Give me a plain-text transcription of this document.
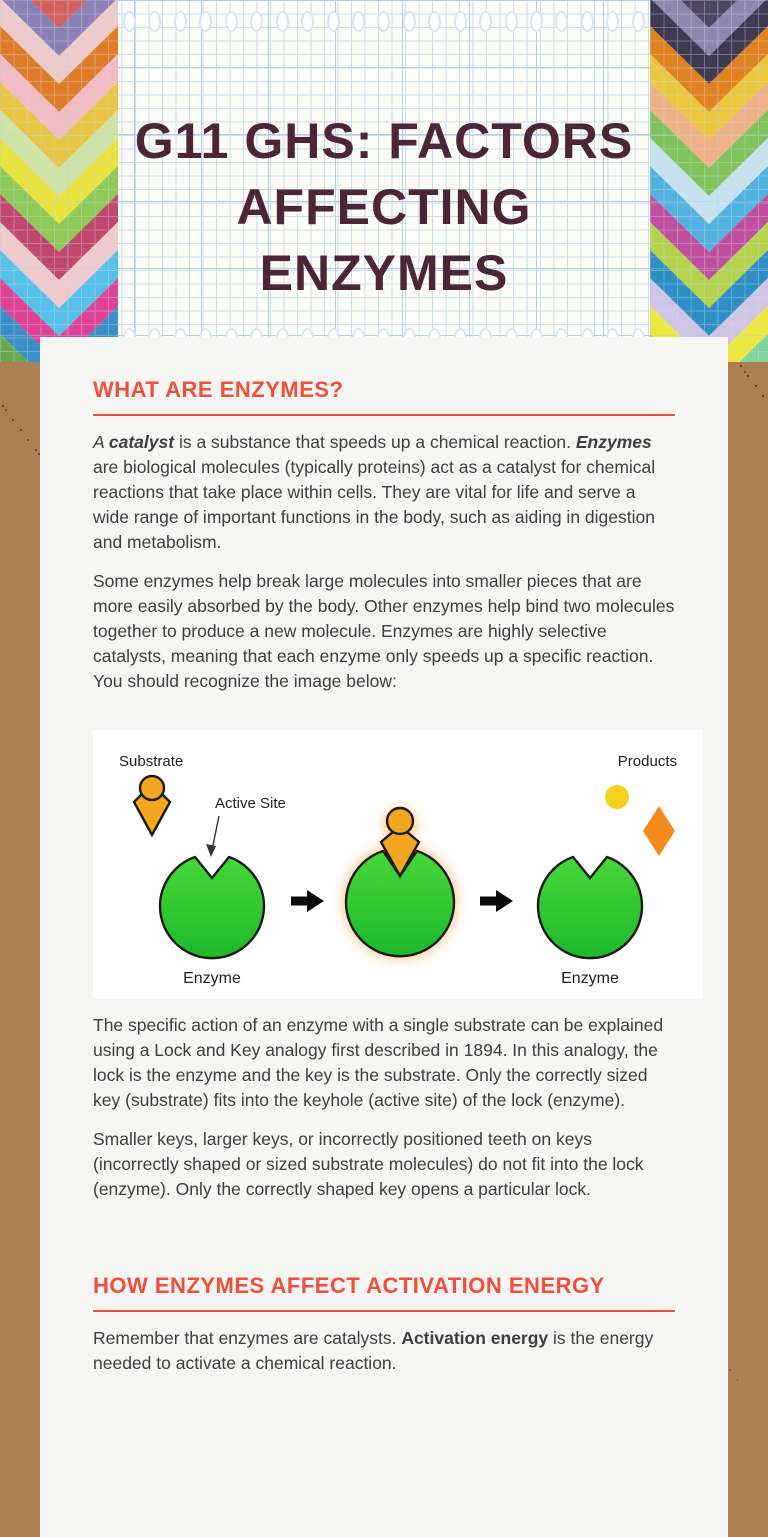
G11 GHS: FACTORS
AFFECTING ENZYMES
WHAT ARE ENZYMES?

A catalyst is a substance that speeds up a chemical reaction. Enzymes are biological molecules (typically proteins) act as a catalyst for chemical reactions that take place within cells. They are vital for life and serve a wide range of important functions in the body, such as aiding in digestion and metabolism.

Some enzymes help break large molecules into smaller pieces that are more easily absorbed by the body. Other enzymes help bind two molecules together to produce a new molecule. Enzymes are highly selective catalysts, meaning that each enzyme only speeds up a specific reaction. You should recognize the image below:

Substrate	Products
Active Site
Enzyme	Enzyme

The specific action of an enzyme with a single substrate can be explained using a Lock and Key analogy first described in 1894. In this analogy, the lock is the enzyme and the key is the substrate. Only the correctly sized key (substrate) fits into the keyhole (active site) of the lock (enzyme).

Smaller keys, larger keys, or incorrectly positioned teeth on keys (incorrectly shaped or sized substrate molecules) do not fit into the lock (enzyme). Only the correctly shaped key opens a particular lock.

HOW ENZYMES AFFECT ACTIVATION ENERGY

Remember that enzymes are catalysts. Activation energy is the energy needed to activate a chemical reaction.
